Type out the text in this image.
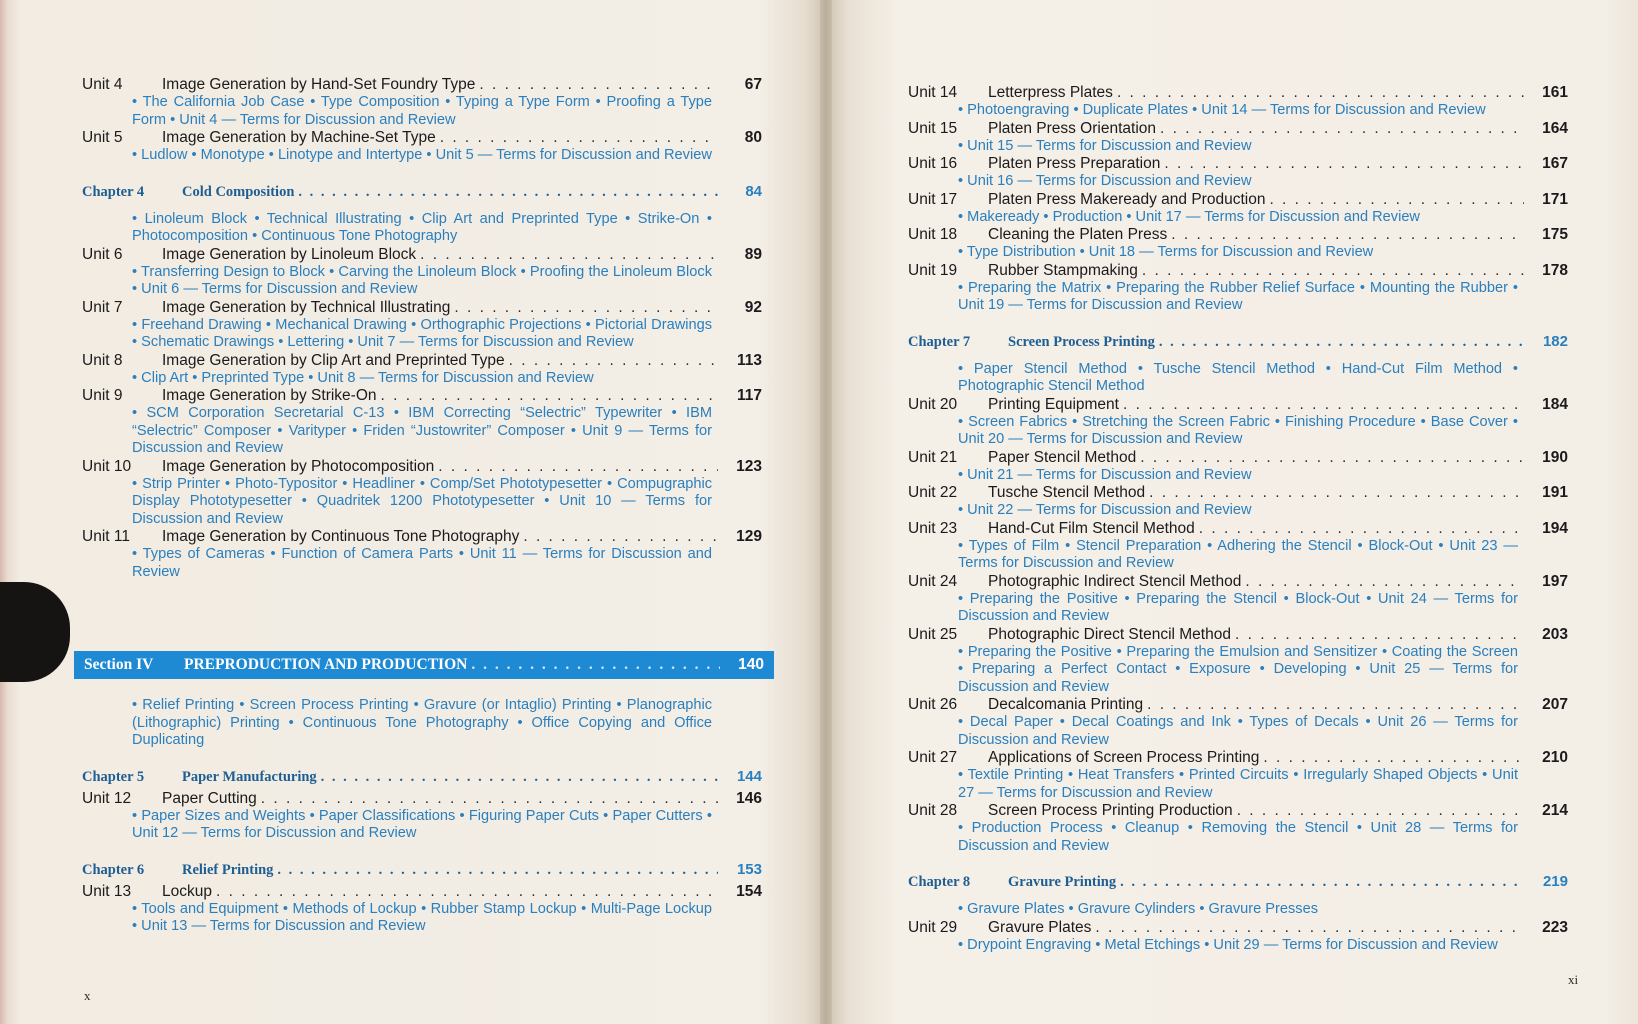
Unit 4	Image Generation by Hand-Set Foundry Type . . .	67
• The California Job Case • Type Composition • Typing a Type Form • Proofing a Type Form • Unit 4 — Terms for Discussion and Review
Unit 5	Image Generation by Machine-Set Type . . .	80
• Ludlow • Monotype • Linotype and Intertype • Unit 5 — Terms for Discussion and Review
Chapter 4	Cold Composition . . .	84
• Linoleum Block • Technical Illustrating • Clip Art and Preprinted Type • Strike-On • Photocomposition • Continuous Tone Photography
Unit 6	Image Generation by Linoleum Block . . .	89
• Transferring Design to Block • Carving the Linoleum Block • Proofing the Linoleum Block • Unit 6 — Terms for Discussion and Review
Unit 7	Image Generation by Technical Illustrating . . .	92
• Freehand Drawing • Mechanical Drawing • Orthographic Projections • Pictorial Drawings • Schematic Drawings • Lettering • Unit 7 — Terms for Discussion and Review
Unit 8	Image Generation by Clip Art and Preprinted Type . . .	113
• Clip Art • Preprinted Type • Unit 8 — Terms for Discussion and Review
Unit 9	Image Generation by Strike-On . . .	117
• SCM Corporation Secretarial C-13 • IBM Correcting “Selectric” Typewriter • IBM “Selectric” Composer • Varityper • Friden “Justowriter” Composer • Unit 9 — Terms for Discussion and Review
Unit 10	Image Generation by Photocomposition . . .	123
• Strip Printer • Photo-Typositor • Headliner • Comp/Set Phototypesetter • Compugraphic Display Phototypesetter • Quadritek 1200 Phototypesetter • Unit 10 — Terms for Discussion and Review
Unit 11	Image Generation by Continuous Tone Photography . . .	129
• Types of Cameras • Function of Camera Parts • Unit 11 — Terms for Discussion and Review
Section IV	PREPRODUCTION AND PRODUCTION . . .	140
• Relief Printing • Screen Process Printing • Gravure (or Intaglio) Printing • Planographic (Lithographic) Printing • Continuous Tone Photography • Office Copying and Office Duplicating
Chapter 5	Paper Manufacturing . . .	144
Unit 12	Paper Cutting . . .	146
• Paper Sizes and Weights • Paper Classifications • Figuring Paper Cuts • Paper Cutters • Unit 12 — Terms for Discussion and Review
Chapter 6	Relief Printing . . .	153
Unit 13	Lockup . . .	154
• Tools and Equipment • Methods of Lockup • Rubber Stamp Lockup • Multi-Page Lockup • Unit 13 — Terms for Discussion and Review
x
Unit 14	Letterpress Plates . . .	161
• Photoengraving • Duplicate Plates • Unit 14 — Terms for Discussion and Review
Unit 15	Platen Press Orientation . . .	164
• Unit 15 — Terms for Discussion and Review
Unit 16	Platen Press Preparation . . .	167
• Unit 16 — Terms for Discussion and Review
Unit 17	Platen Press Makeready and Production . . .	171
• Makeready • Production • Unit 17 — Terms for Discussion and Review
Unit 18	Cleaning the Platen Press . . .	175
• Type Distribution • Unit 18 — Terms for Discussion and Review
Unit 19	Rubber Stampmaking . . .	178
• Preparing the Matrix • Preparing the Rubber Relief Surface • Mounting the Rubber • Unit 19 — Terms for Discussion and Review
Chapter 7	Screen Process Printing . . .	182
• Paper Stencil Method • Tusche Stencil Method • Hand-Cut Film Method • Photographic Stencil Method
Unit 20	Printing Equipment . . .	184
• Screen Fabrics • Stretching the Screen Fabric • Finishing Procedure • Base Cover • Unit 20 — Terms for Discussion and Review
Unit 21	Paper Stencil Method . . .	190
• Unit 21 — Terms for Discussion and Review
Unit 22	Tusche Stencil Method . . .	191
• Unit 22 — Terms for Discussion and Review
Unit 23	Hand-Cut Film Stencil Method . . .	194
• Types of Film • Stencil Preparation • Adhering the Stencil • Block-Out • Unit 23 — Terms for Discussion and Review
Unit 24	Photographic Indirect Stencil Method . . .	197
• Preparing the Positive • Preparing the Stencil • Block-Out • Unit 24 — Terms for Discussion and Review
Unit 25	Photographic Direct Stencil Method . . .	203
• Preparing the Positive • Preparing the Emulsion and Sensitizer • Coating the Screen • Preparing a Perfect Contact • Exposure • Developing • Unit 25 — Terms for Discussion and Review
Unit 26	Decalcomania Printing . . .	207
• Decal Paper • Decal Coatings and Ink • Types of Decals • Unit 26 — Terms for Discussion and Review
Unit 27	Applications of Screen Process Printing . . .	210
• Textile Printing • Heat Transfers • Printed Circuits • Irregularly Shaped Objects • Unit 27 — Terms for Discussion and Review
Unit 28	Screen Process Printing Production . . .	214
• Production Process • Cleanup • Removing the Stencil • Unit 28 — Terms for Discussion and Review
Chapter 8	Gravure Printing . . .	219
• Gravure Plates • Gravure Cylinders • Gravure Presses
Unit 29	Gravure Plates . . .	223
• Drypoint Engraving • Metal Etchings • Unit 29 — Terms for Discussion and Review
xi
